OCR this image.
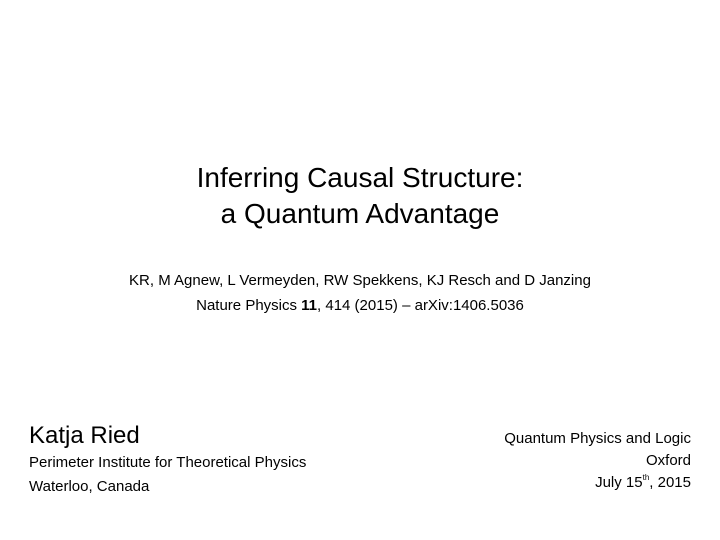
Inferring Causal Structure:
a Quantum Advantage
KR, M Agnew, L Vermeyden, RW Spekkens, KJ Resch and D Janzing
Nature Physics 11, 414 (2015) – arXiv:1406.5036
Katja Ried
Perimeter Institute for Theoretical Physics
Waterloo, Canada
Quantum Physics and Logic
Oxford
July 15th, 2015
